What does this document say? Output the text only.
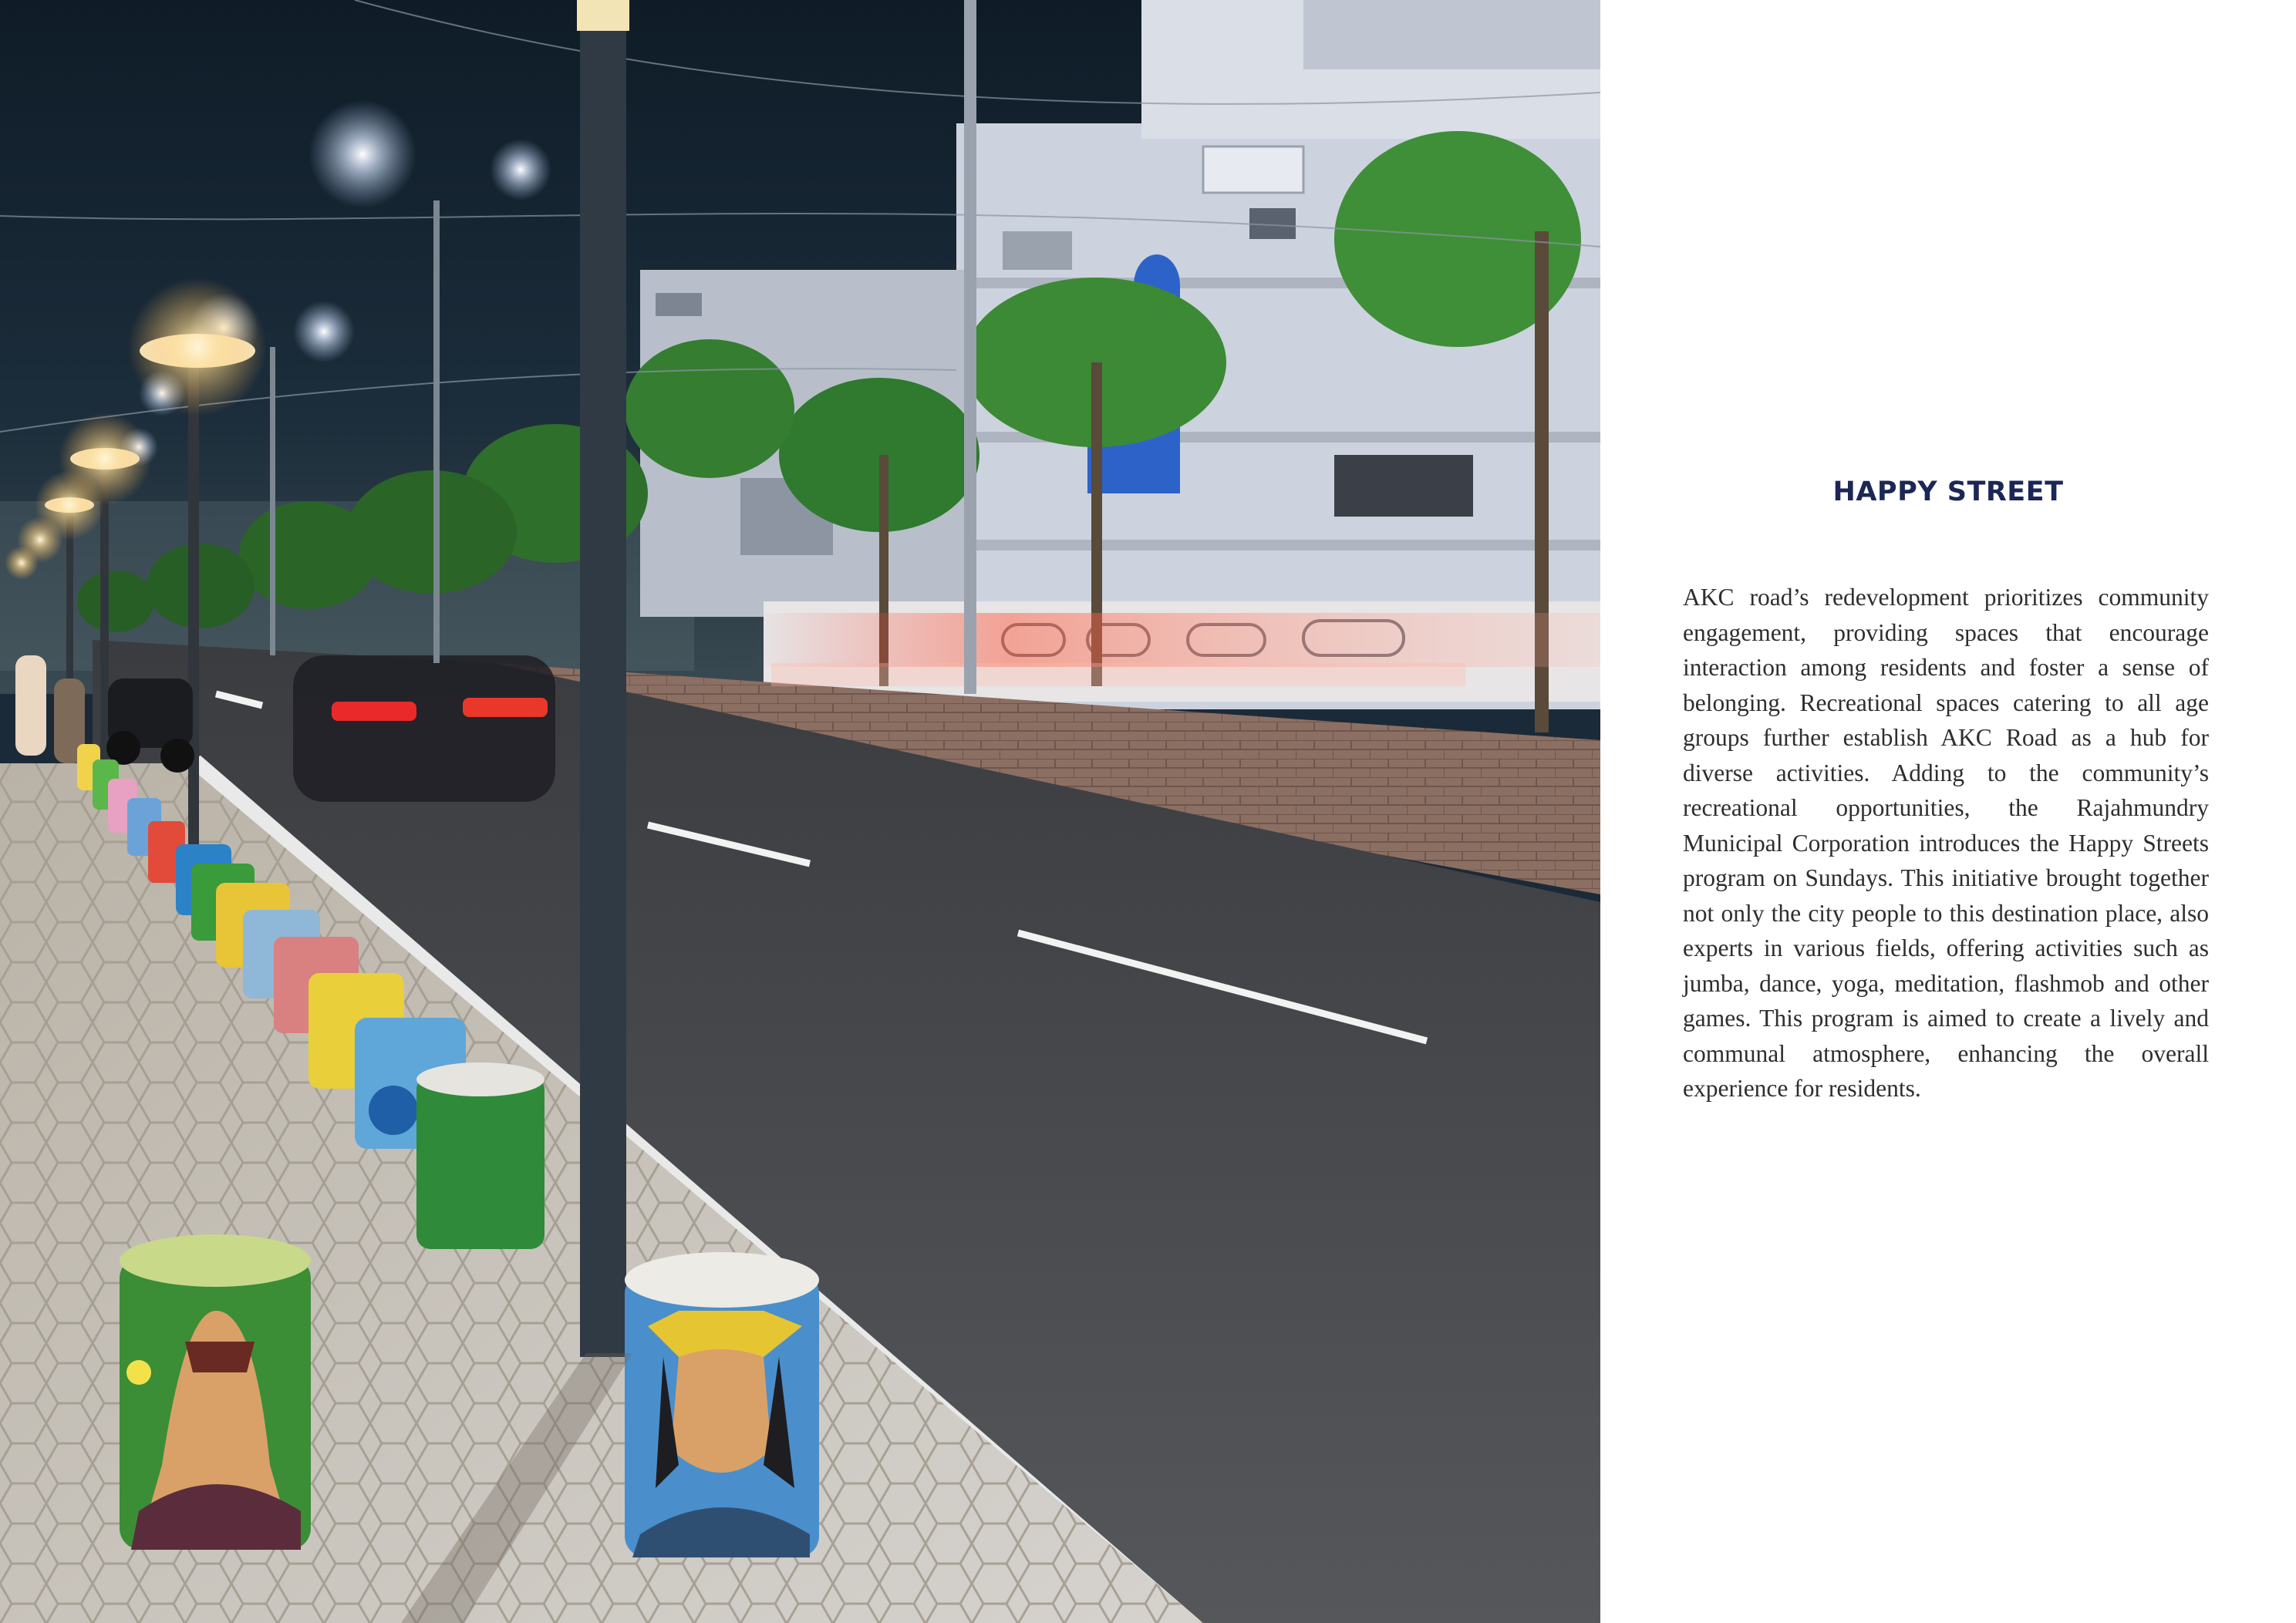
HAPPY STREET

AKC road’s redevelopment prioritizes community engagement, providing spaces that encourage interaction among residents and foster a sense of belonging. Recreational spaces catering to all age groups further establish AKC Road as a hub for diverse activities. Adding to the community’s recreational opportunities, the Rajahmundry Municipal Corporation introduces the Happy Streets program on Sundays. This initiative brought together not only the city people to this destination place, also experts in various fields, offering activities such as jumba, dance, yoga, meditation, flashmob and other games. This program is aimed to create a lively and communal atmosphere, enhancing the overall experience for residents.
